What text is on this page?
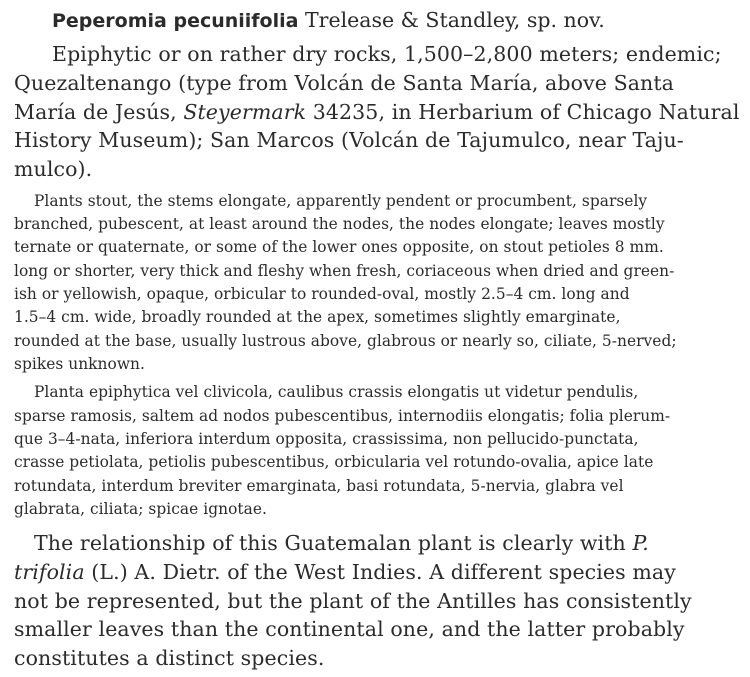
Peperomia pecuniifolia Trelease & Standley, sp. nov.

Epiphytic or on rather dry rocks, 1,500–2,800 meters; endemic;

Quezaltenango (type from Volcán de Santa María, above Santa

María de Jesús, Steyermark 34235, in Herbarium of Chicago Natural

History Museum); San Marcos (Volcán de Tajumulco, near Taju-

mulco).

Plants stout, the stems elongate, apparently pendent or procumbent, sparsely

branched, pubescent, at least around the nodes, the nodes elongate; leaves mostly

ternate or quaternate, or some of the lower ones opposite, on stout petioles 8 mm.

long or shorter, very thick and fleshy when fresh, coriaceous when dried and green-

ish or yellowish, opaque, orbicular to rounded-oval, mostly 2.5–4 cm. long and

1.5–4 cm. wide, broadly rounded at the apex, sometimes slightly emarginate,

rounded at the base, usually lustrous above, glabrous or nearly so, ciliate, 5-nerved;

spikes unknown.

Planta epiphytica vel clivicola, caulibus crassis elongatis ut videtur pendulis,

sparse ramosis, saltem ad nodos pubescentibus, internodiis elongatis; folia plerum-

que 3–4-nata, inferiora interdum opposita, crassissima, non pellucido-punctata,

crasse petiolata, petiolis pubescentibus, orbicularia vel rotundo-ovalia, apice late

rotundata, interdum breviter emarginata, basi rotundata, 5-nervia, glabra vel

glabrata, ciliata; spicae ignotae.

The relationship of this Guatemalan plant is clearly with P.

trifolia (L.) A. Dietr. of the West Indies. A different species may

not be represented, but the plant of the Antilles has consistently

smaller leaves than the continental one, and the latter probably

constitutes a distinct species.
